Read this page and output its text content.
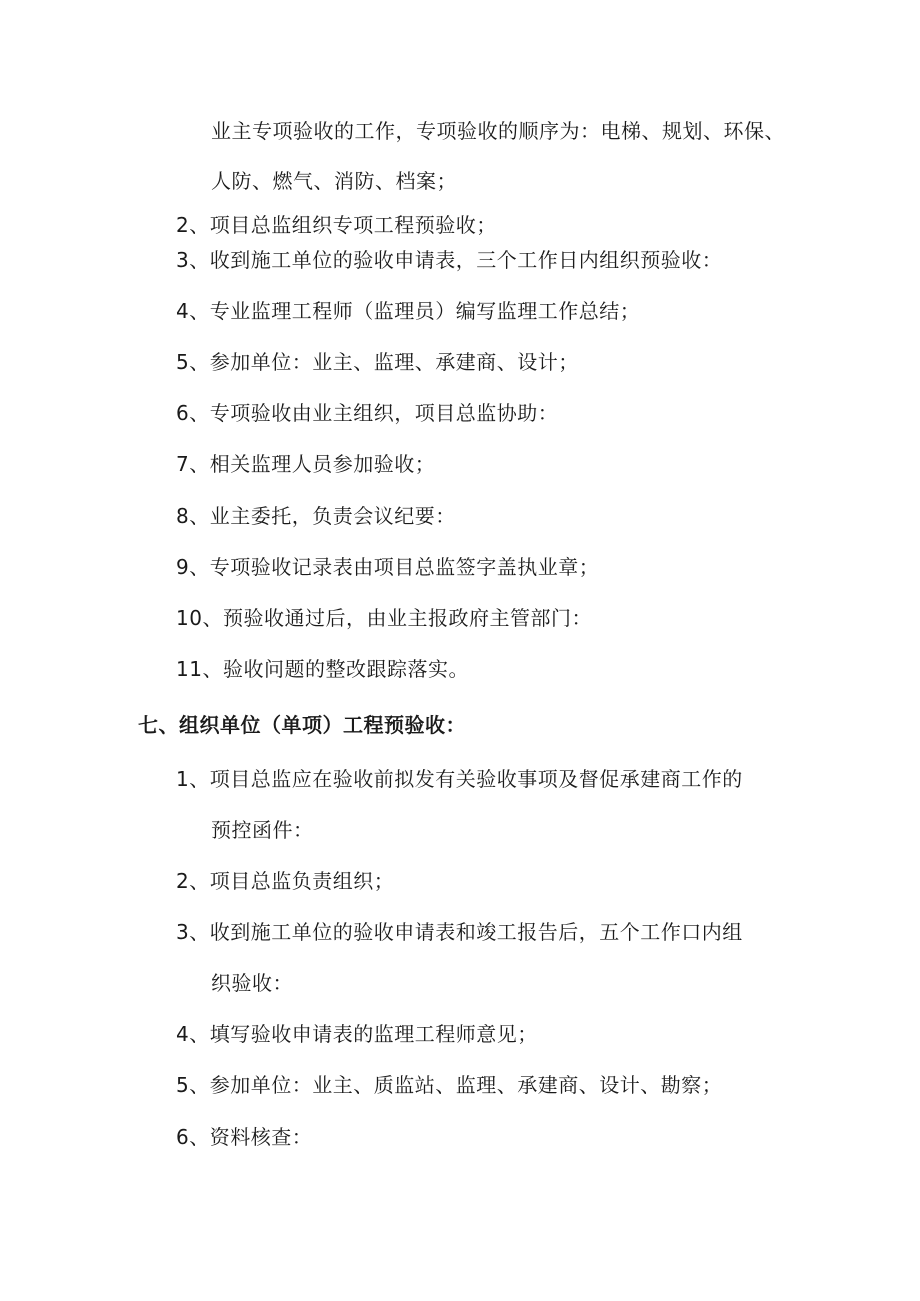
业主专项验收的工作，专项验收的顺序为：电梯、规划、环保、
人防、燃气、消防、档案；
2、项目总监组织专项工程预验收；
3、收到施工单位的验收申请表，三个工作日内组织预验收：
4、专业监理工程师（监理员）编写监理工作总结；
5、参加单位：业主、监理、承建商、设计；
6、专项验收由业主组织，项目总监协助：
7、相关监理人员参加验收；
8、业主委托，负责会议纪要：
9、专项验收记录表由项目总监签字盖执业章；
10、预验收通过后，由业主报政府主管部门：
11、验收问题的整改跟踪落实。
七、组织单位（单项）工程预验收：
1、项目总监应在验收前拟发有关验收事项及督促承建商工作的
预控函件：
2、项目总监负责组织；
3、收到施工单位的验收申请表和竣工报告后，五个工作口内组
织验收：
4、填写验收申请表的监理工程师意见；
5、参加单位：业主、质监站、监理、承建商、设计、勘察；
6、资料核查：
